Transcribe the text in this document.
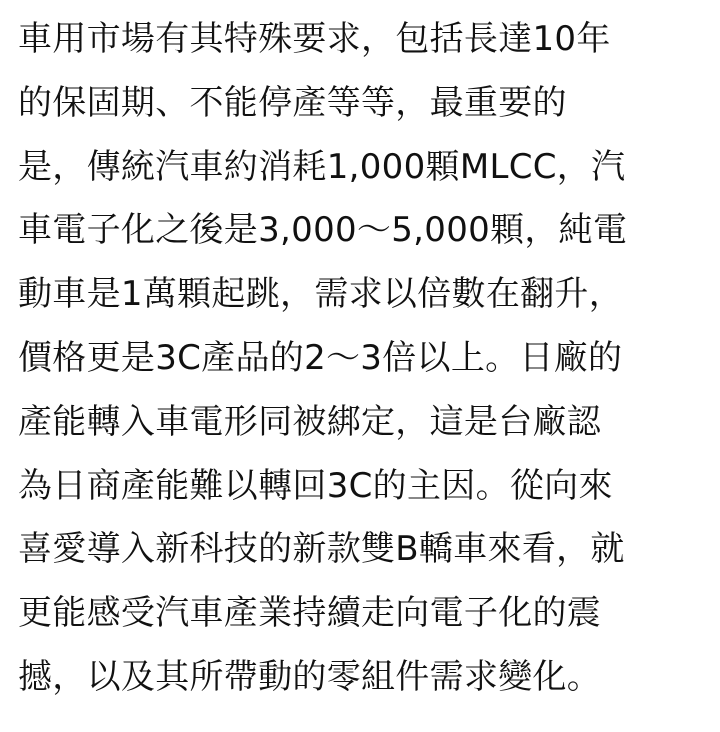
車用市場有其特殊要求，包括長達10年
的保固期、不能停產等等，最重要的
是，傳統汽車約消耗1,000顆MLCC，汽
車電子化之後是3,000～5,000顆，純電
動車是1萬顆起跳，需求以倍數在翻升，
價格更是3C產品的2～3倍以上。日廠的
產能轉入車電形同被綁定，這是台廠認
為日商產能難以轉回3C的主因。從向來
喜愛導入新科技的新款雙B轎車來看，就
更能感受汽車產業持續走向電子化的震
撼，以及其所帶動的零組件需求變化。
